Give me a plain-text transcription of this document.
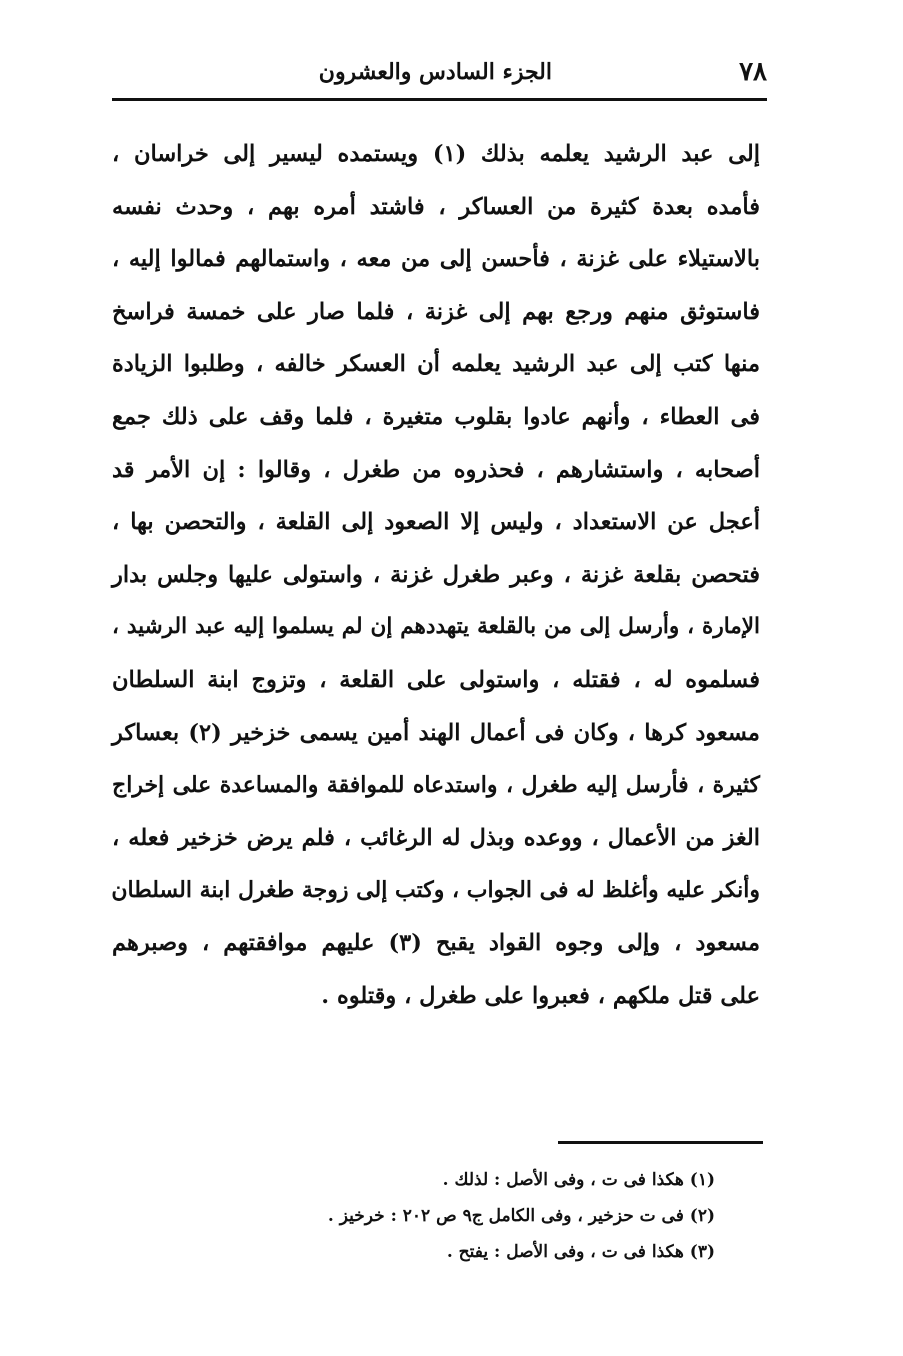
٧٨
الجزء السادس والعشرون
إلى عبد الرشيد يعلمه بذلك (١) ويستمده ليسير إلى خراسان ،
فأمده بعدة كثيرة من العساكر ، فاشتد أمره بهم ، وحدث نفسه
بالاستيلاء على غزنة ، فأحسن إلى من معه ، واستمالهم فمالوا إليه ،
فاستوثق منهم ورجع بهم إلى غزنة ، فلما صار على خمسة فراسخ
منها كتب إلى عبد الرشيد يعلمه أن العسكر خالفه ، وطلبوا الزيادة
فى العطاء ، وأنهم عادوا بقلوب متغيرة ، فلما وقف على ذلك جمع
أصحابه ، واستشارهم ، فحذروه من طغرل ، وقالوا : إن الأمر قد
أعجل عن الاستعداد ، وليس إلا الصعود إلى القلعة ، والتحصن بها ،
فتحصن بقلعة غزنة ، وعبر طغرل غزنة ، واستولى عليها وجلس بدار
الإمارة ، وأرسل إلى من بالقلعة يتهددهم إن لم يسلموا إليه عبد الرشيد ،
فسلموه له ، فقتله ، واستولى على القلعة ، وتزوج ابنة السلطان
مسعود كرها ، وكان فى أعمال الهند أمين يسمى خزخير (٢) بعساكر
كثيرة ، فأرسل إليه طغرل ، واستدعاه للموافقة والمساعدة على إخراج
الغز من الأعمال ، ووعده وبذل له الرغائب ، فلم يرض خزخير فعله ،
وأنكر عليه وأغلظ له فى الجواب ، وكتب إلى زوجة طغرل ابنة السلطان
مسعود ، وإلى وجوه القواد يقبح (٣) عليهم موافقتهم ، وصبرهم
على قتل ملكهم ، فعبروا على طغرل ، وقتلوه .
(١) هكذا فى ت ، وفى الأصل : لذلك .
(٢) فى ت حزخير ، وفى الكامل ج٩ ص ٢٠٢ : خرخيز .
(٣) هكذا فى ت ، وفى الأصل : يفتح .
